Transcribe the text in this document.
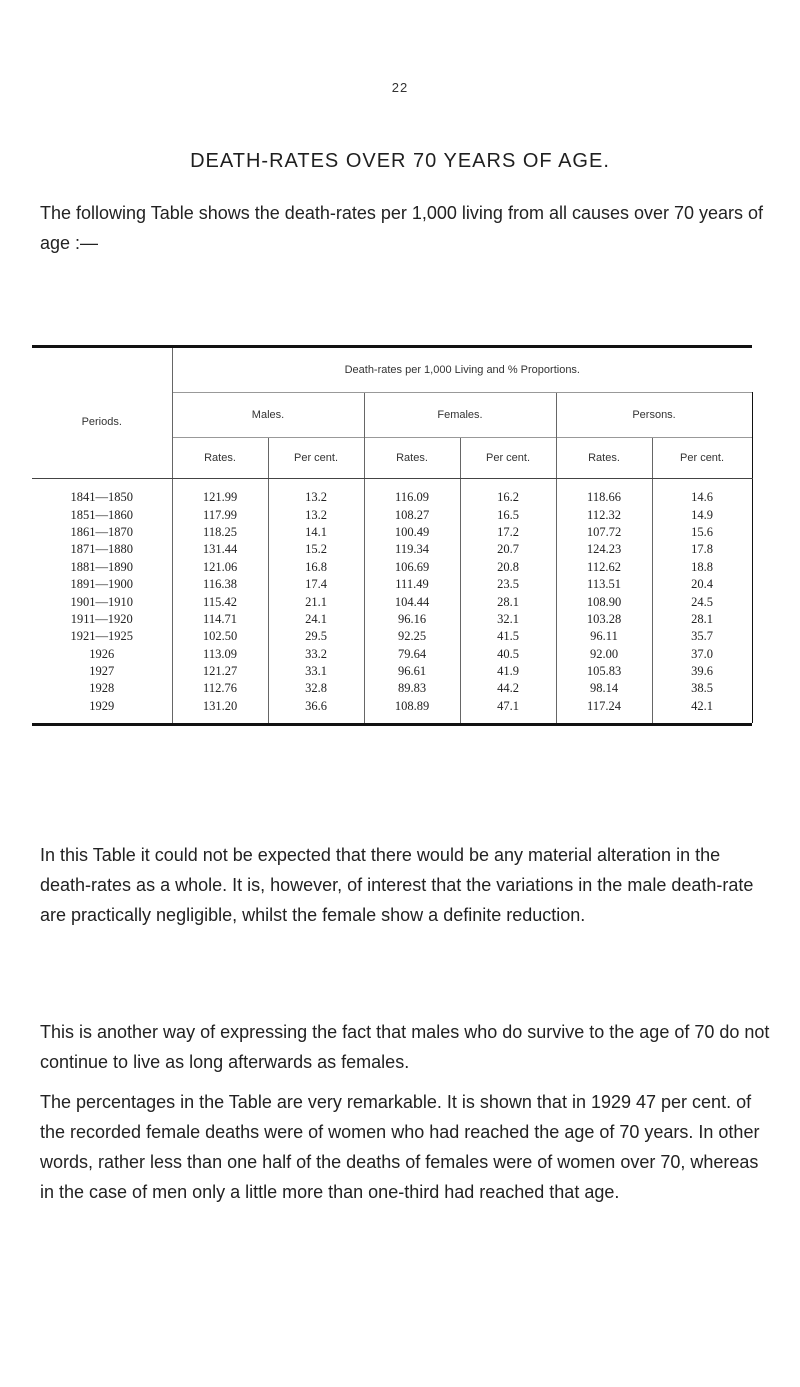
22
DEATH-RATES OVER 70 YEARS OF AGE.

The following Table shows the death-rates per 1,000 living from all causes over 70 years of age :—

Periods.	Death-rates per 1,000 Living and % Proportions.					
	Males.		Females.		Persons.	
	Rates.	Per cent.	Rates.	Per cent.	Rates.	Per cent.
1841—1850	121.99	13.2	116.09	16.2	118.66	14.6
1851—1860	117.99	13.2	108.27	16.5	112.32	14.9
1861—1870	118.25	14.1	100.49	17.2	107.72	15.6
1871—1880	131.44	15.2	119.34	20.7	124.23	17.8
1881—1890	121.06	16.8	106.69	20.8	112.62	18.8
1891—1900	116.38	17.4	111.49	23.5	113.51	20.4
1901—1910	115.42	21.1	104.44	28.1	108.90	24.5
1911—1920	114.71	24.1	96.16	32.1	103.28	28.1
1921—1925	102.50	29.5	92.25	41.5	96.11	35.7
1926	113.09	33.2	79.64	40.5	92.00	37.0
1927	121.27	33.1	96.61	41.9	105.83	39.6
1928	112.76	32.8	89.83	44.2	98.14	38.5
1929	131.20	36.6	108.89	47.1	117.24	42.1

In this Table it could not be expected that there would be any material alteration in the death-rates as a whole. It is, however, of interest that the variations in the male death-rate are practically negligible, whilst the female show a definite reduction.

This is another way of expressing the fact that males who do survive to the age of 70 do not continue to live as long afterwards as females.

The percentages in the Table are very remarkable. It is shown that in 1929 47 per cent. of the recorded female deaths were of women who had reached the age of 70 years. In other words, rather less than one half of the deaths of females were of women over 70, whereas in the case of men only a little more than one-third had reached that age.
